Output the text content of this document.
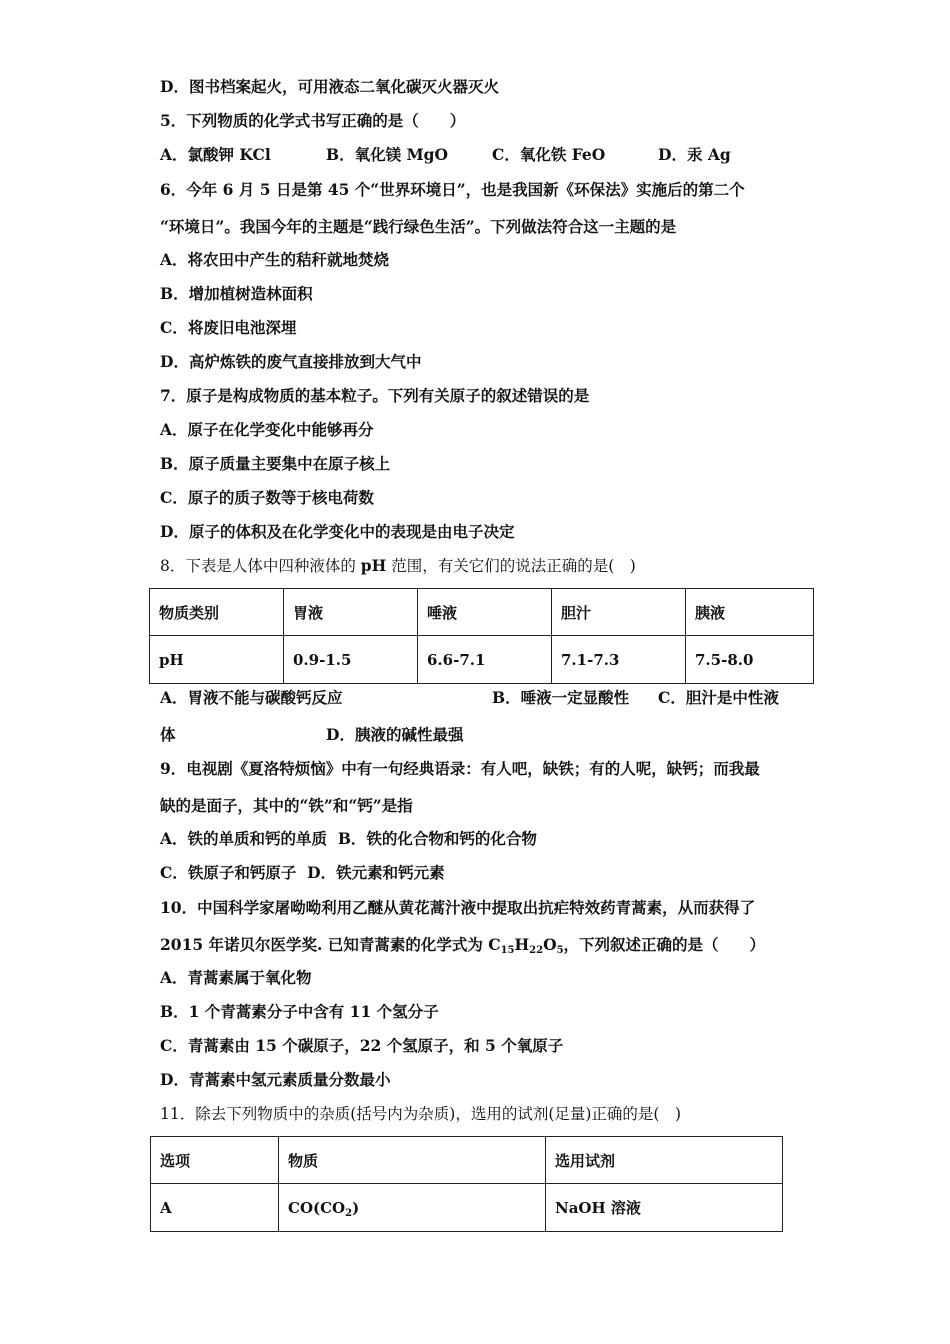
D．图书档案起火，可用液态二氧化碳灭火器灭火
5．下列物质的化学式书写正确的是（　　）
A．氯酸钾 KCl	B．氧化镁 MgO	C．氧化铁 FeO	D．汞 Ag
6．今年 6 月 5 日是第 45 个“世界环境日”，也是我国新《环保法》实施后的第二个
“环境日”。我国今年的主题是“践行绿色生活”。下列做法符合这一主题的是
A．将农田中产生的秸秆就地焚烧
B．增加植树造林面积
C．将废旧电池深埋
D．高炉炼铁的废气直接排放到大气中
7．原子是构成物质的基本粒子。下列有关原子的叙述错误的是
A．原子在化学变化中能够再分
B．原子质量主要集中在原子核上
C．原子的质子数等于核电荷数
D．原子的体积及在化学变化中的表现是由电子决定
8．下表是人体中四种液体的 pH 范围，有关它们的说法正确的是(　)
物质类别	胃液	唾液	胆汁	胰液
pH	0.9-1.5	6.6-7.1	7.1-7.3	7.5-8.0
A．胃液不能与碳酸钙反应	B．唾液一定显酸性 C．胆汁是中性液
体	D．胰液的碱性最强
9．电视剧《夏洛特烦恼》中有一句经典语录：有人吧，缺铁；有的人呢，缺钙；而我最
缺的是面子，其中的“铁”和“钙”是指
A．铁的单质和钙的单质 B．铁的化合物和钙的化合物
C．铁原子和钙原子 D．铁元素和钙元素
10．中国科学家屠呦呦利用乙醚从黄花蒿汁液中提取出抗疟特效药青蒿素，从而获得了
2015 年诺贝尔医学奖. 已知青蒿素的化学式为 $C_{15}H_{22}O_5$，下列叙述正确的是（　　）
A．青蒿素属于氧化物
B．1 个青蒿素分子中含有 11 个氢分子
C．青蒿素由 15 个碳原子，22 个氢原子，和 5 个氧原子
D．青蒿素中氢元素质量分数最小
11．除去下列物质中的杂质(括号内为杂质)，选用的试剂(足量)正确的是(　)
选项	物质	选用试剂
A	$CO(CO_2)$	NaOH 溶液
